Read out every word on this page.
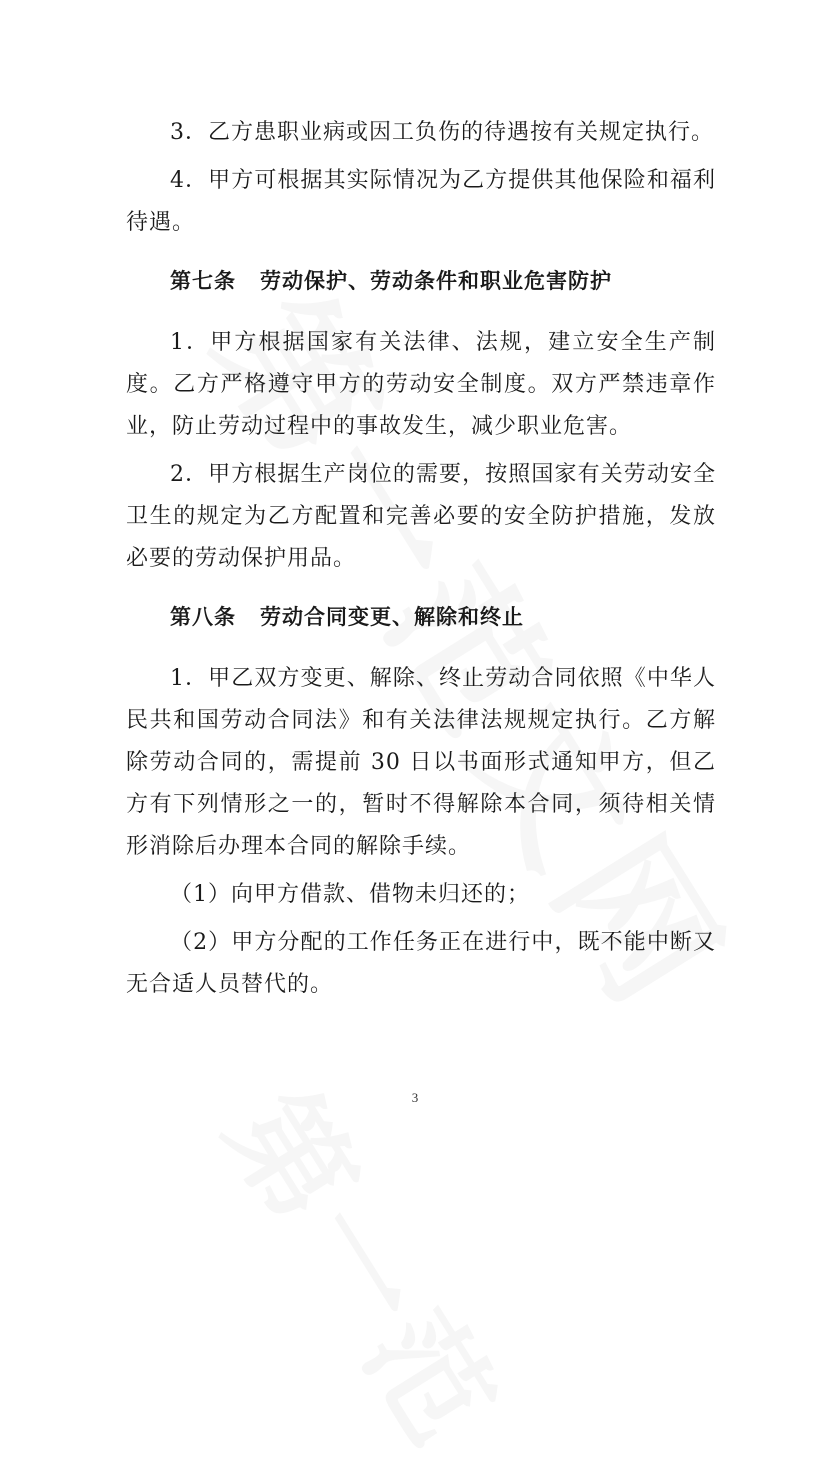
3．乙方患职业病或因工负伤的待遇按有关规定执行。

4．甲方可根据其实际情况为乙方提供其他保险和福利待遇。

第七条 劳动保护、劳动条件和职业危害防护

1．甲方根据国家有关法律、法规，建立安全生产制度。乙方严格遵守甲方的劳动安全制度。双方严禁违章作业，防止劳动过程中的事故发生，减少职业危害。

2．甲方根据生产岗位的需要，按照国家有关劳动安全卫生的规定为乙方配置和完善必要的安全防护措施，发放必要的劳动保护用品。

第八条 劳动合同变更、解除和终止

1．甲乙双方变更、解除、终止劳动合同依照《中华人民共和国劳动合同法》和有关法律法规规定执行。乙方解除劳动合同的，需提前 30 日以书面形式通知甲方，但乙方有下列情形之一的，暂时不得解除本合同，须待相关情形消除后办理本合同的解除手续。

（1）向甲方借款、借物未归还的；

（2）甲方分配的工作任务正在进行中，既不能中断又无合适人员替代的。

3
